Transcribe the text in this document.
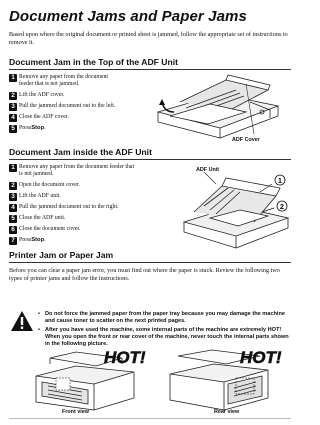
Document Jams and Paper Jams
Based upon where the original document or printed sheet is jammed, follow the appropriate set of instructions to remove it.
Document Jam in the Top of the ADF Unit
1 Remove any paper from the document feeder that is not jammed.
2 Lift the ADF cover.
3 Pull the jammed document out to the left.
4 Close the ADF cover.
5 Press Stop .
ADF Cover
Document Jam inside the ADF Unit
1 Remove any paper from the document feeder that is not jammed.
2 Open the document cover.
3 Lift the ADF unit.
4 Pull the jammed document out to the right.
5 Close the ADF unit.
6 Close the document cover.
7 Press Stop .
ADF Unit
1
2
Printer Jam or Paper Jam
Before you can clear a paper jam error, you must find out where the paper is stuck. Review the following two types of printer jams and follow the instructions.
• Do not force the jammed paper from the paper tray because you may damage the machine and cause toner to scatter on the next printed pages.
• After you have used the machine, some internal parts of the machine are extremely HOT! When you open the front or rear cover of the machine, never touch the internal parts shown in the following picture.
HOT!
Front view
HOT!
Rear view
